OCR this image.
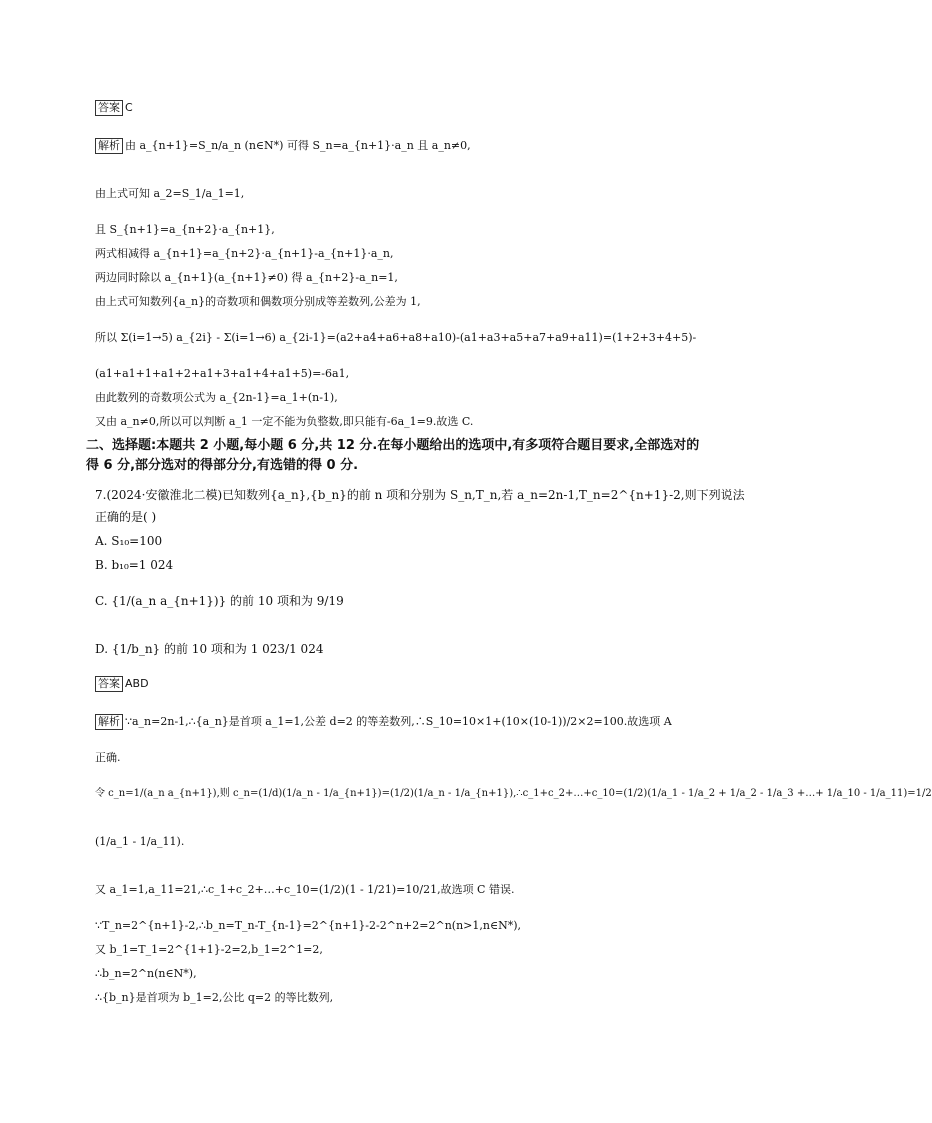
答案 C
解析 由 a_{n+1}=S_n/a_n (n∈N*) 可得 S_n=a_{n+1}·a_n 且 a_n≠0,
由上式可知 a_2=S_1/a_1=1,
且 S_{n+1}=a_{n+2}·a_{n+1},
两式相减得 a_{n+1}=a_{n+2}·a_{n+1}-a_{n+1}·a_n,
两边同时除以 a_{n+1}(a_{n+1}≠0) 得 a_{n+2}-a_n=1,
由上式可知数列{a_n}的奇数项和偶数项分别成等差数列,公差为 1,
所以 Σ(i=1→5) a_{2i} - Σ(i=1→6) a_{2i-1}=(a2+a4+a6+a8+a10)-(a1+a3+a5+a7+a9+a11)=(1+2+3+4+5)-
(a1+a1+1+a1+2+a1+3+a1+4+a1+5)=-6a1,
由此数列的奇数项公式为 a_{2n-1}=a_1+(n-1),
又由 a_n≠0,所以可以判断 a_1 一定不能为负整数,即只能有-6a_1=9.故选 C.
二、选择题:本题共 2 小题,每小题 6 分,共 12 分.在每小题给出的选项中,有多项符合题目要求,全部选对的得 6 分,部分选对的得部分分,有选错的得 0 分.
7.(2024·安徽淮北二模)已知数列{a_n},{b_n}的前 n 项和分别为 S_n,T_n,若 a_n=2n-1,T_n=2^{n+1}-2,则下列说法
正确的是( )
A. S₁₀=100
B. b₁₀=1 024
C. {1/(a_n a_{n+1})} 的前 10 项和为 9/19
D. {1/b_n} 的前 10 项和为 1 023/1 024
答案 ABD
解析 ∵a_n=2n-1,∴{a_n}是首项 a_1=1,公差 d=2 的等差数列,∴S_10=10×1+(10×(10-1))/2×2=100.故选项 A
正确.
令 c_n=1/(a_n a_{n+1}),则 c_n=(1/d)(1/a_n - 1/a_{n+1})=(1/2)(1/a_n - 1/a_{n+1}),∴c_1+c_2+…+c_10=(1/2)(1/a_1 - 1/a_2 + 1/a_2 - 1/a_3 +…+ 1/a_10 - 1/a_11)=1/2
(1/a_1 - 1/a_11).
又 a_1=1,a_11=21,∴c_1+c_2+…+c_10=(1/2)(1 - 1/21)=10/21,故选项 C 错误.
∵T_n=2^{n+1}-2,∴b_n=T_n-T_{n-1}=2^{n+1}-2-2^n+2=2^n(n>1,n∈N*),
又 b_1=T_1=2^{1+1}-2=2,b_1=2^1=2,
∴b_n=2^n(n∈N*),
∴{b_n}是首项为 b_1=2,公比 q=2 的等比数列,
